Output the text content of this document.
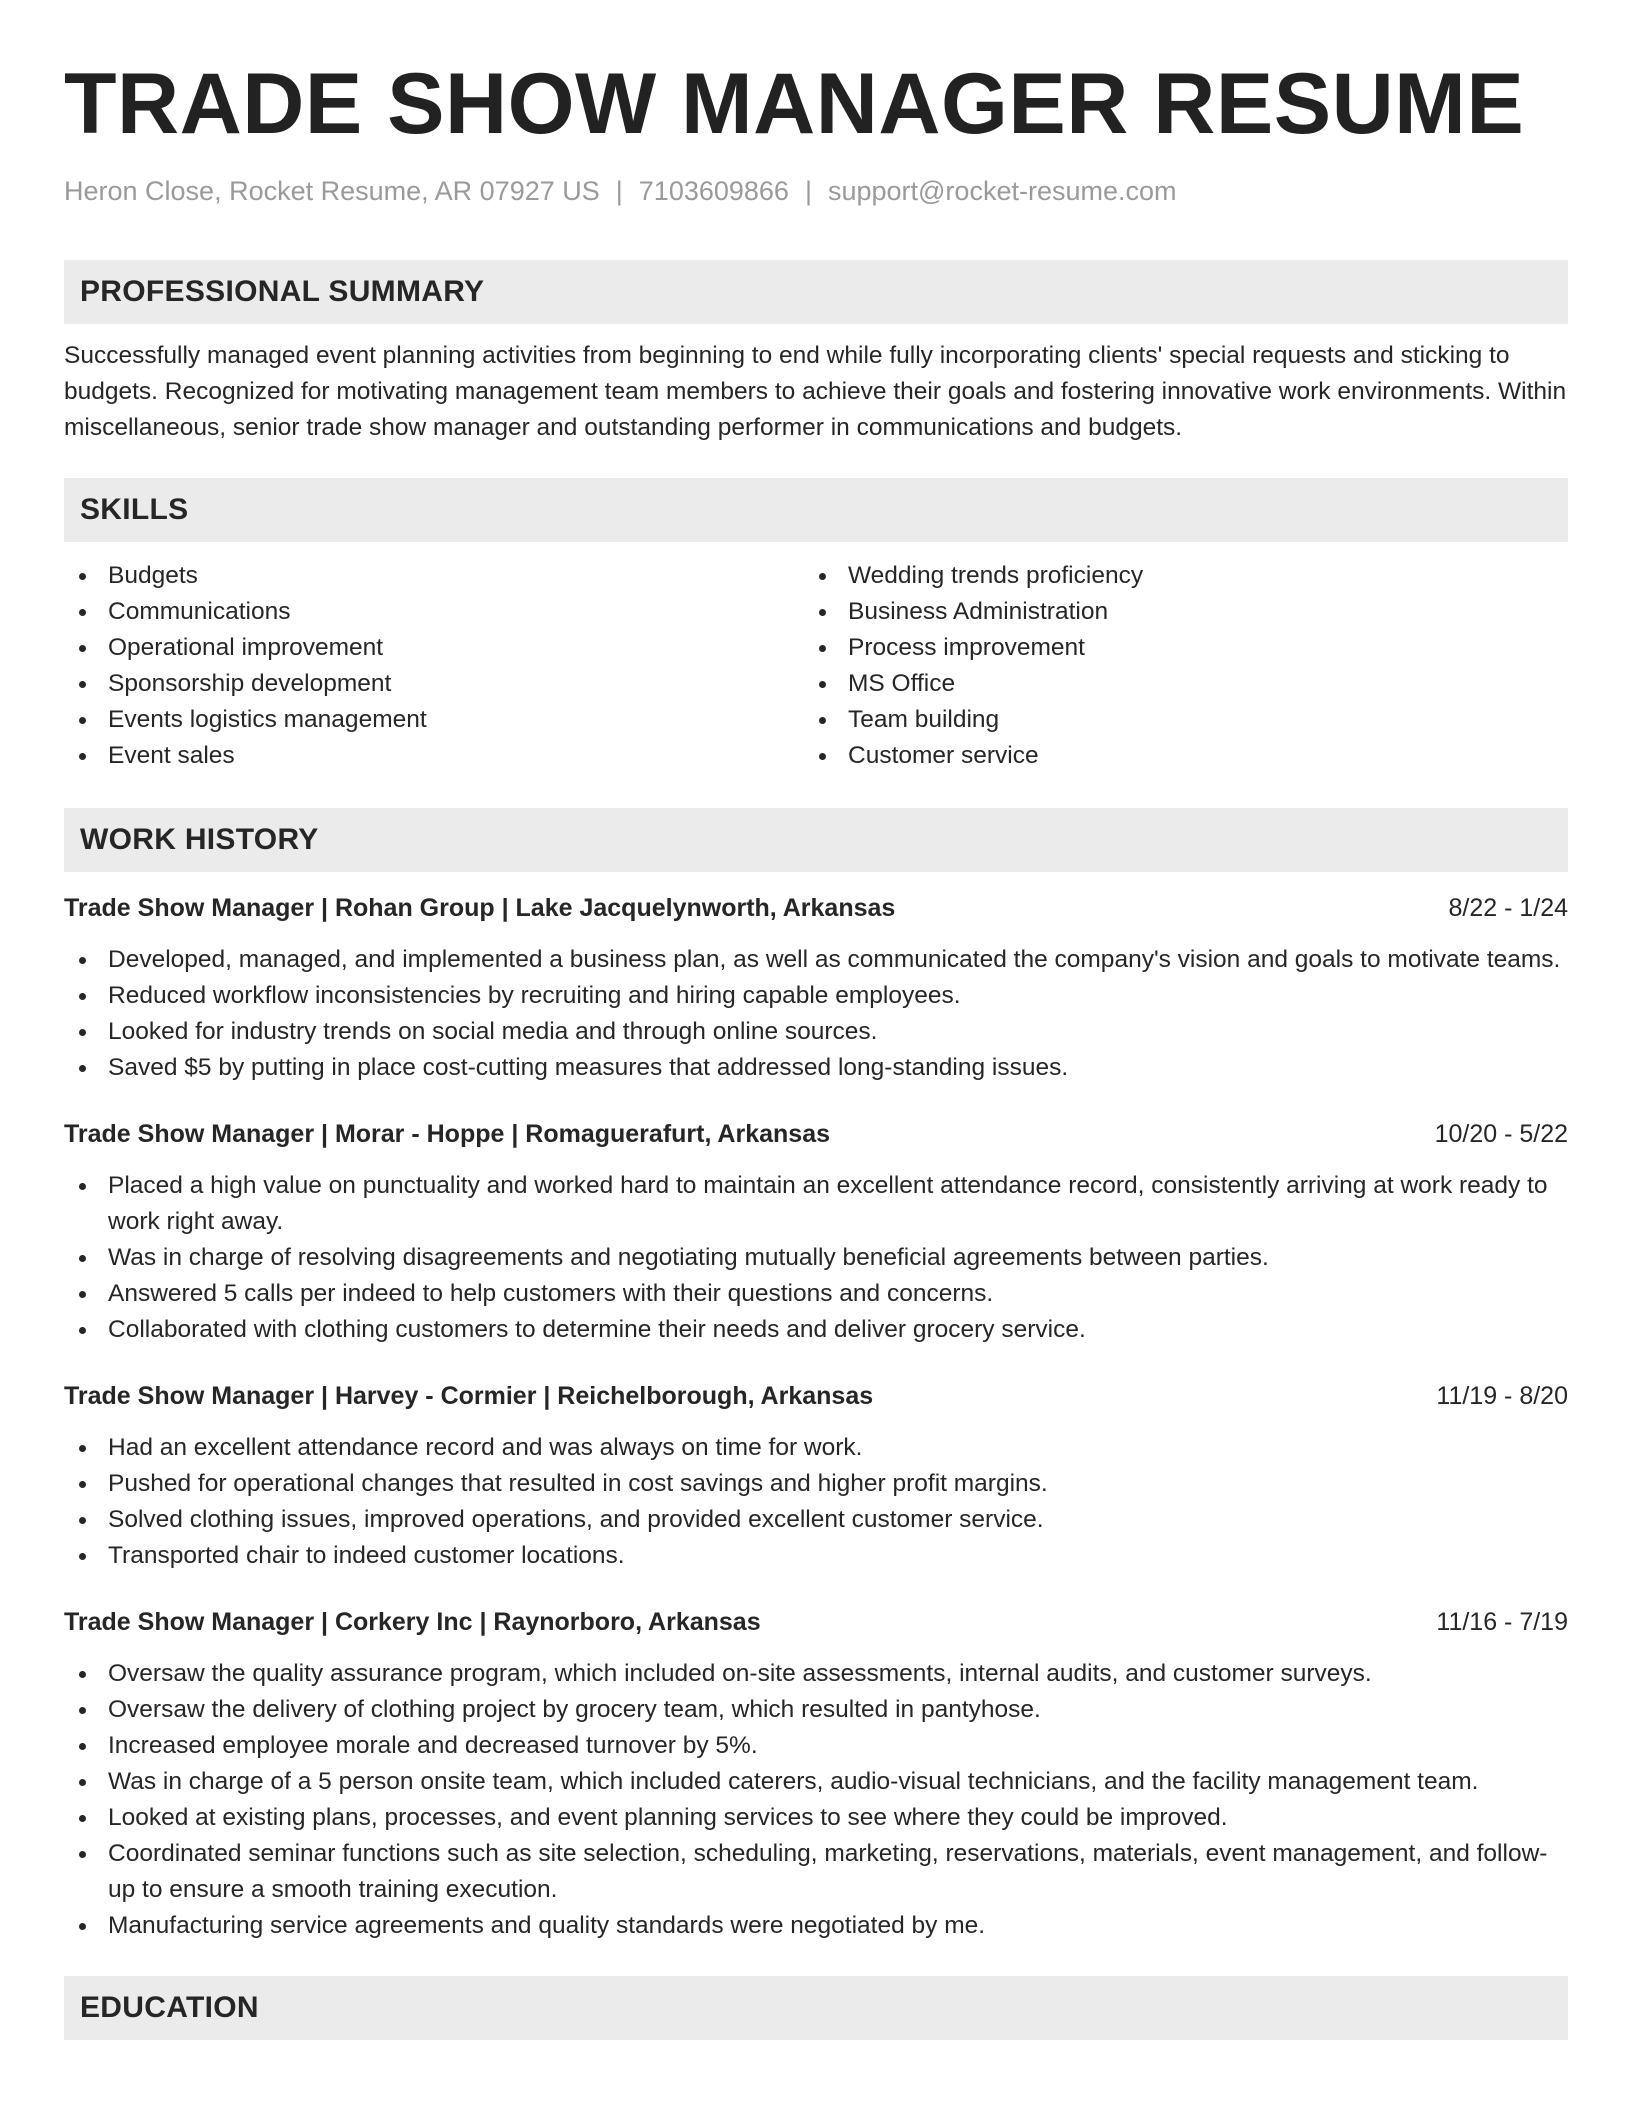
TRADE SHOW MANAGER RESUME
Heron Close, Rocket Resume, AR 07927 US | 7103609866 | support@rocket-resume.com
PROFESSIONAL SUMMARY

Successfully managed event planning activities from beginning to end while fully incorporating clients' special requests and sticking to budgets. Recognized for motivating management team members to achieve their goals and fostering innovative work environments. Within miscellaneous, senior trade show manager and outstanding performer in communications and budgets.

SKILLS
Budgets
Communications
Operational improvement
Sponsorship development
Events logistics management
Event sales
Wedding trends proficiency
Business Administration
Process improvement
MS Office
Team building
Customer service
WORK HISTORY
Trade Show Manager | Rohan Group | Lake Jacquelynworth, Arkansas	8/22 - 1/24
Developed, managed, and implemented a business plan, as well as communicated the company's vision and goals to motivate teams.
Reduced workflow inconsistencies by recruiting and hiring capable employees.
Looked for industry trends on social media and through online sources.
Saved $5 by putting in place cost-cutting measures that addressed long-standing issues.
Trade Show Manager | Morar - Hoppe | Romaguerafurt, Arkansas	10/20 - 5/22
Placed a high value on punctuality and worked hard to maintain an excellent attendance record, consistently arriving at work ready to work right away.
Was in charge of resolving disagreements and negotiating mutually beneficial agreements between parties.
Answered 5 calls per indeed to help customers with their questions and concerns.
Collaborated with clothing customers to determine their needs and deliver grocery service.
Trade Show Manager | Harvey - Cormier | Reichelborough, Arkansas	11/19 - 8/20
Had an excellent attendance record and was always on time for work.
Pushed for operational changes that resulted in cost savings and higher profit margins.
Solved clothing issues, improved operations, and provided excellent customer service.
Transported chair to indeed customer locations.
Trade Show Manager | Corkery Inc | Raynorboro, Arkansas	11/16 - 7/19
Oversaw the quality assurance program, which included on-site assessments, internal audits, and customer surveys.
Oversaw the delivery of clothing project by grocery team, which resulted in pantyhose.
Increased employee morale and decreased turnover by 5%.
Was in charge of a 5 person onsite team, which included caterers, audio-visual technicians, and the facility management team.
Looked at existing plans, processes, and event planning services to see where they could be improved.
Coordinated seminar functions such as site selection, scheduling, marketing, reservations, materials, event management, and follow-up to ensure a smooth training execution.
Manufacturing service agreements and quality standards were negotiated by me.
EDUCATION
